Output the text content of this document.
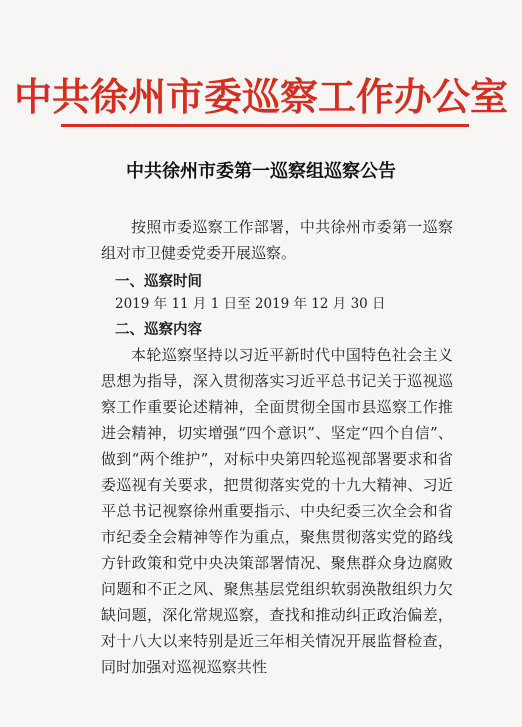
中共徐州市委巡察工作办公室
中共徐州市委第一巡察组巡察公告
按照市委巡察工作部署，中共徐州市委第一巡察组对市卫健委党委开展巡察。
一、巡察时间
2019 年 11 月 1 日至 2019 年 12 月 30 日
二、巡察内容
本轮巡察坚持以习近平新时代中国特色社会主义思想为指导，深入贯彻落实习近平总书记关于巡视巡察工作重要论述精神，全面贯彻全国市县巡察工作推进会精神，切实增强“四个意识”、坚定“四个自信”、做到“两个维护”，对标中央第四轮巡视部署要求和省委巡视有关要求，把贯彻落实党的十九大精神、习近平总书记视察徐州重要指示、中央纪委三次全会和省市纪委全会精神等作为重点，聚焦贯彻落实党的路线方针政策和党中央决策部署情况、聚焦群众身边腐败问题和不正之风、聚焦基层党组织软弱涣散组织力欠缺问题，深化常规巡察，查找和推动纠正政治偏差，对十八大以来特别是近三年相关情况开展监督检查，同时加强对巡视巡察共性
